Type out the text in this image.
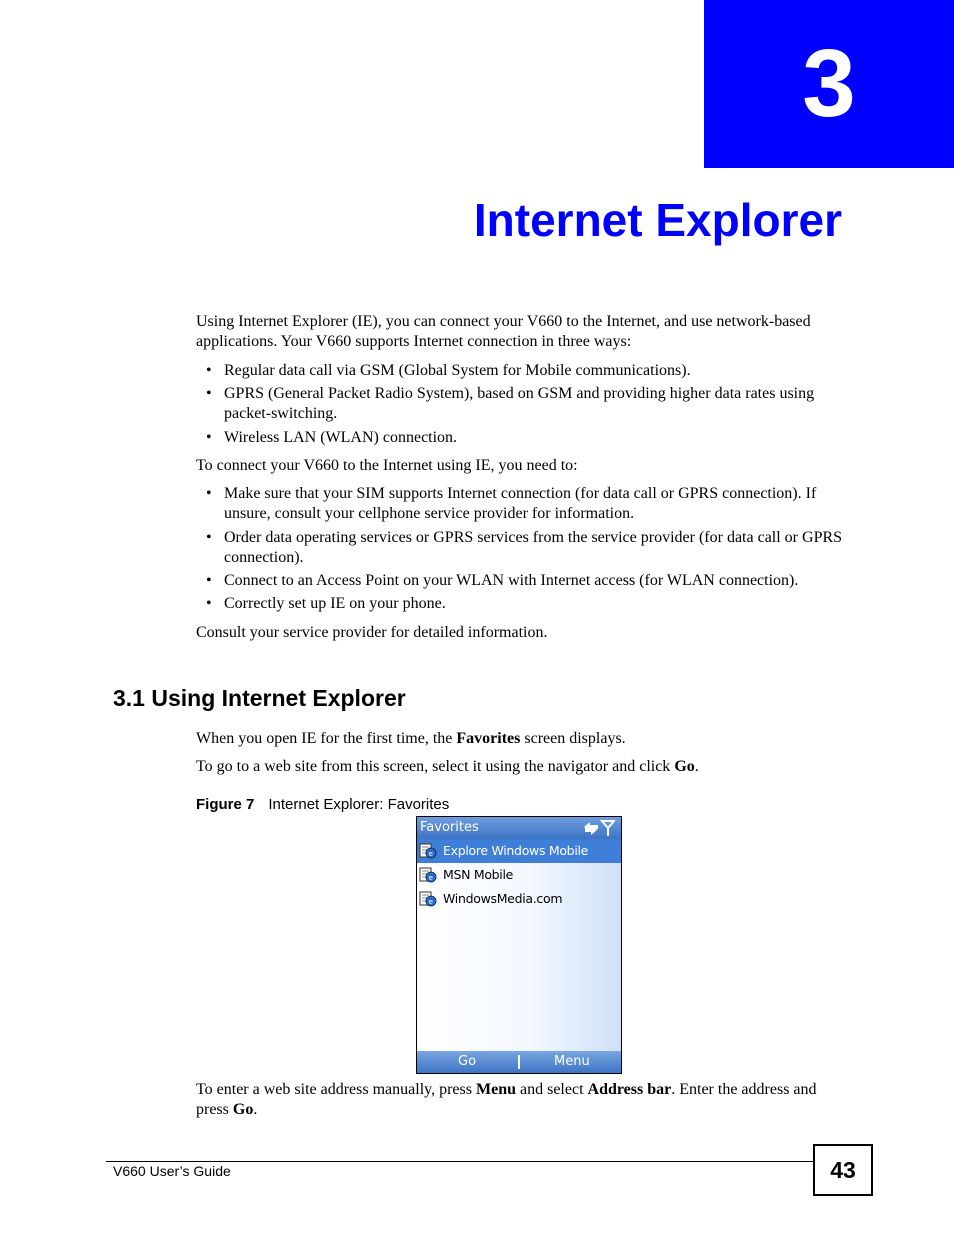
3
Internet Explorer

Using Internet Explorer (IE), you can connect your V660 to the Internet, and use network-based applications. Your V660 supports Internet connection in three ways:

• Regular data call via GSM (Global System for Mobile communications).
• GPRS (General Packet Radio System), based on GSM and providing higher data rates using packet-switching.
• Wireless LAN (WLAN) connection.

To connect your V660 to the Internet using IE, you need to:

• Make sure that your SIM supports Internet connection (for data call or GPRS connection). If unsure, consult your cellphone service provider for information.
• Order data operating services or GPRS services from the service provider (for data call or GPRS connection).
• Connect to an Access Point on your WLAN with Internet access (for WLAN connection).
• Correctly set up IE on your phone.

Consult your service provider for detailed information.

3.1 Using Internet Explorer

When you open IE for the first time, the Favorites screen displays.

To go to a web site from this screen, select it using the navigator and click Go.

Figure 7 Internet Explorer: Favorites
Favorites
e Explore Windows Mobile
e MSN Mobile
e WindowsMedia.com
Go	Menu

To enter a web site address manually, press Menu and select Address bar. Enter the address and press Go.

V660 User’s Guide	43
